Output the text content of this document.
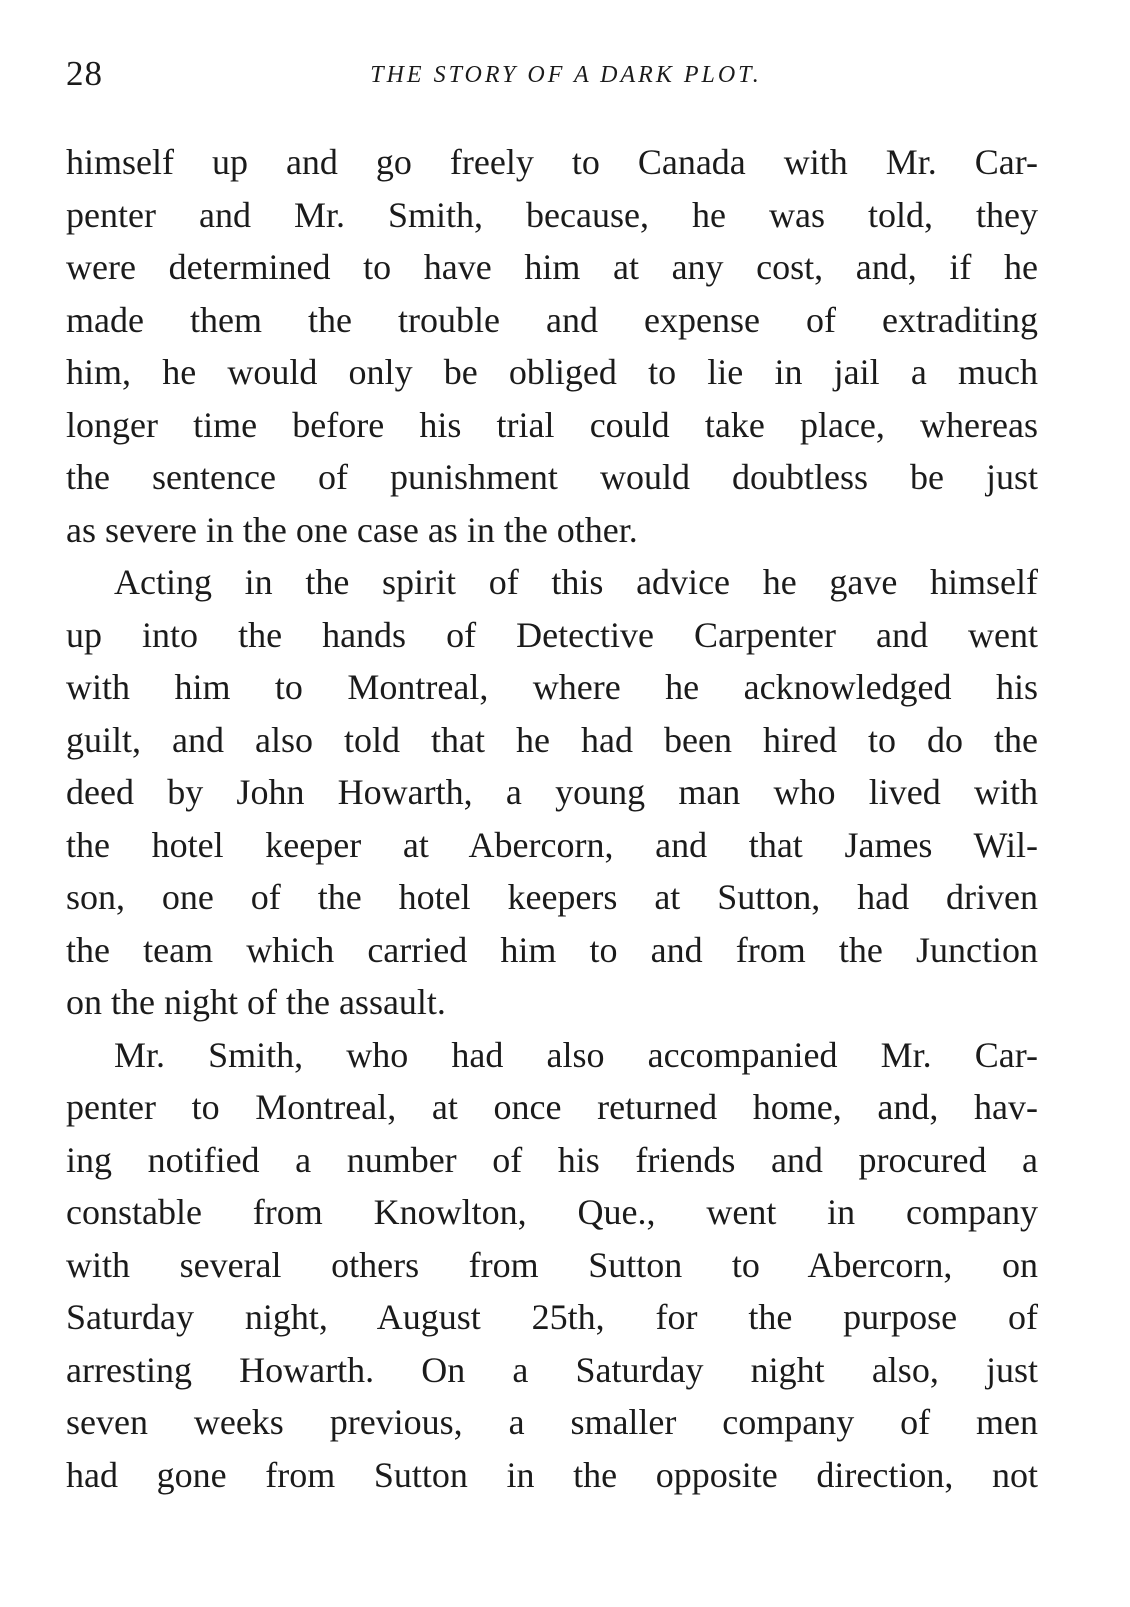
28	THE STORY OF A DARK PLOT.
himself up and go freely to Canada with Mr. Car-
penter and Mr. Smith, because, he was told, they
were determined to have him at any cost, and, if he
made them the trouble and expense of extraditing
him, he would only be obliged to lie in jail a much
longer time before his trial could take place, whereas
the sentence of punishment would doubtless be just
as severe in the one case as in the other.
Acting in the spirit of this advice he gave himself
up into the hands of Detective Carpenter and went
with him to Montreal, where he acknowledged his
guilt, and also told that he had been hired to do the
deed by John Howarth, a young man who lived with
the hotel keeper at Abercorn, and that James Wil-
son, one of the hotel keepers at Sutton, had driven
the team which carried him to and from the Junction
on the night of the assault.
Mr. Smith, who had also accompanied Mr. Car-
penter to Montreal, at once returned home, and, hav-
ing notified a number of his friends and procured a
constable from Knowlton, Que., went in company
with several others from Sutton to Abercorn, on
Saturday night, August 25th, for the purpose of
arresting Howarth. On a Saturday night also, just
seven weeks previous, a smaller company of men
had gone from Sutton in the opposite direction, not
